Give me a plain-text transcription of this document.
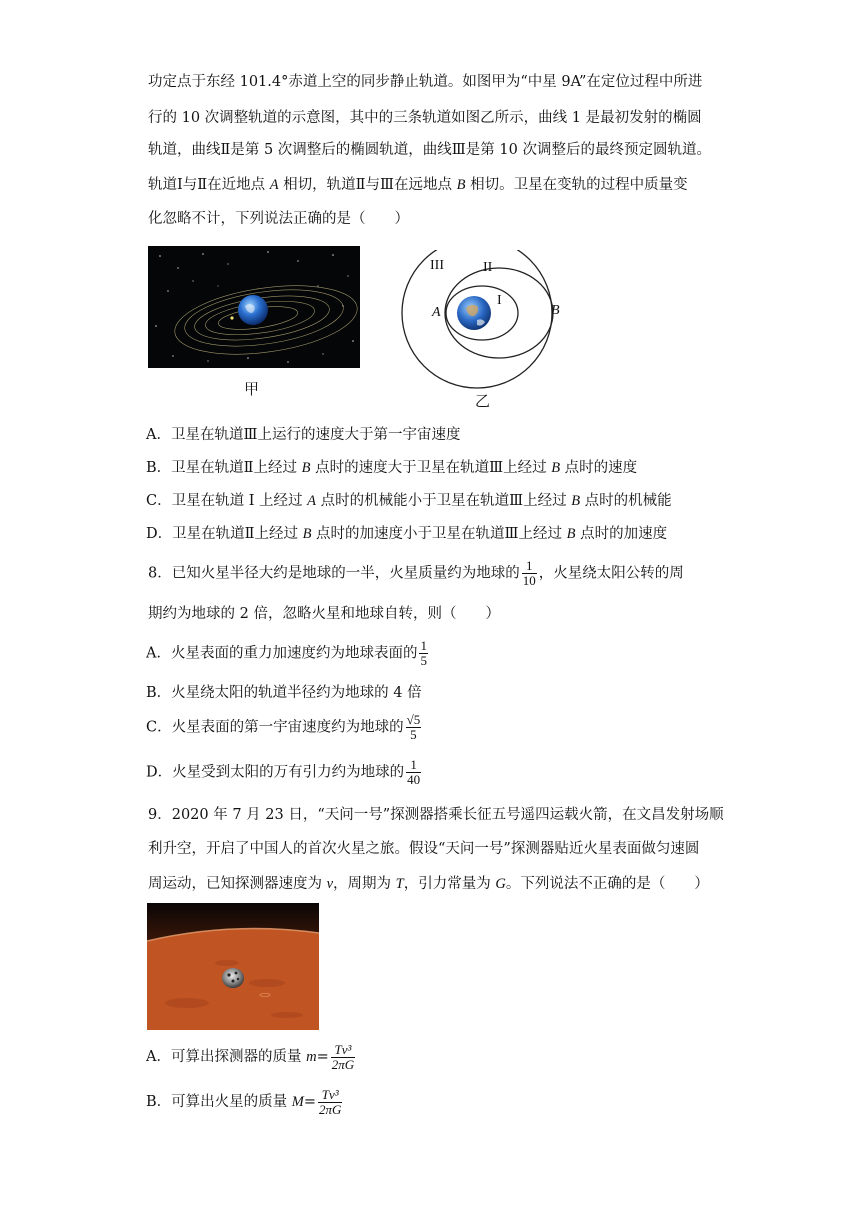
功定点于东经 101.4°赤道上空的同步静止轨道。如图甲为“中星 9A”在定位过程中所进
行的 10 次调整轨道的示意图，其中的三条轨道如图乙所示，曲线 1 是最初发射的椭圆
轨道，曲线Ⅱ是第 5 次调整后的椭圆轨道，曲线Ⅲ是第 10 次调整后的最终预定圆轨道。
轨道Ⅰ与Ⅱ在近地点 A 相切，轨道Ⅱ与Ⅲ在远地点 B 相切。卫星在变轨的过程中质量变
化忽略不计，下列说法正确的是（　　）
甲
III	II
I
A	B
乙
A．卫星在轨道Ⅲ上运行的速度大于第一宇宙速度
B．卫星在轨道Ⅱ上经过 B 点时的速度大于卫星在轨道Ⅲ上经过 B 点时的速度
C．卫星在轨道 I 上经过 A 点时的机械能小于卫星在轨道Ⅲ上经过 B 点时的机械能
D．卫星在轨道Ⅱ上经过 B 点时的加速度小于卫星在轨道Ⅲ上经过 B 点时的加速度
8．已知火星半径大约是地球的一半，火星质量约为地球的 $\frac{1}{10}$ ，火星绕太阳公转的周
期约为地球的 2 倍，忽略火星和地球自转，则（　　）
A．火星表面的重力加速度约为地球表面的 $\frac{1}{5}$
B．火星绕太阳的轨道半径约为地球的 4 倍
C．火星表面的第一宇宙速度约为地球的 $\frac{√5}{5}$
D．火星受到太阳的万有引力约为地球的 $\frac{1}{40}$
9．2020 年 7 月 23 日，“天问一号”探测器搭乘长征五号遥四运载火箭，在文昌发射场顺
利升空，开启了中国人的首次火星之旅。假设“天问一号”探测器贴近火星表面做匀速圆
周运动，已知探测器速度为 v，周期为 T，引力常量为 G。下列说法不正确的是（　　）
A．可算出探测器的质量 $m= \frac{\text{Tv³}}{2\pi G}$
B．可算出火星的质量 $M= \frac{\text{Tv³}}{2\pi G}$
